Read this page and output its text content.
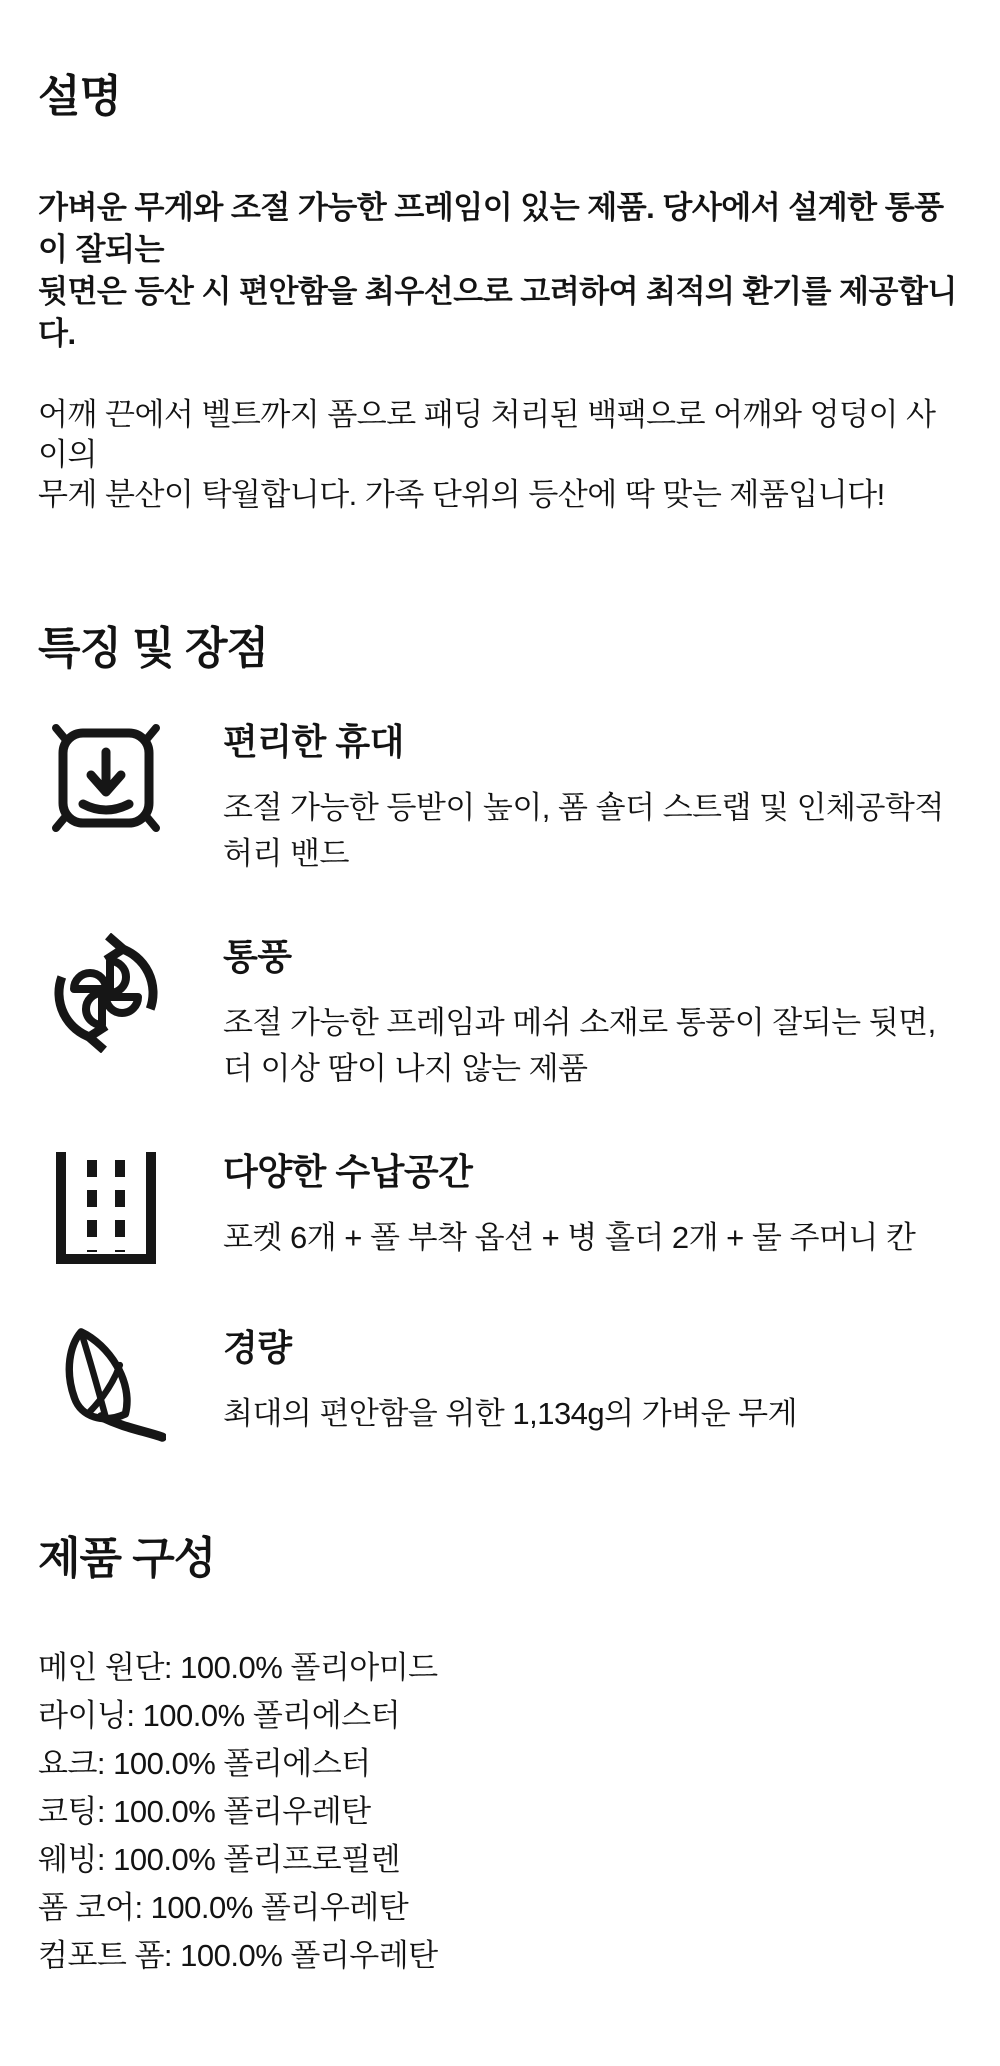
설명

가벼운 무게와 조절 가능한 프레임이 있는 제품. 당사에서 설계한 통풍이 잘되는
뒷면은 등산 시 편안함을 최우선으로 고려하여 최적의 환기를 제공합니다.

어깨 끈에서 벨트까지 폼으로 패딩 처리된 백팩으로 어깨와 엉덩이 사이의
무게 분산이 탁월합니다. 가족 단위의 등산에 딱 맞는 제품입니다!

특징 및 장점
편리한 휴대

조절 가능한 등받이 높이, 폼 숄더 스트랩 및 인체공학적
허리 밴드

통풍

조절 가능한 프레임과 메쉬 소재로 통풍이 잘되는 뒷면,
더 이상 땀이 나지 않는 제품

다양한 수납공간

포켓 6개 + 폴 부착 옵션 + 병 홀더 2개 + 물 주머니 칸

경량

최대의 편안함을 위한 1,134g의 가벼운 무게

제품 구성
메인 원단: 100.0% 폴리아미드
라이닝: 100.0% 폴리에스터
요크: 100.0% 폴리에스터
코팅: 100.0% 폴리우레탄
웨빙: 100.0% 폴리프로필렌
폼 코어: 100.0% 폴리우레탄
컴포트 폼: 100.0% 폴리우레탄
